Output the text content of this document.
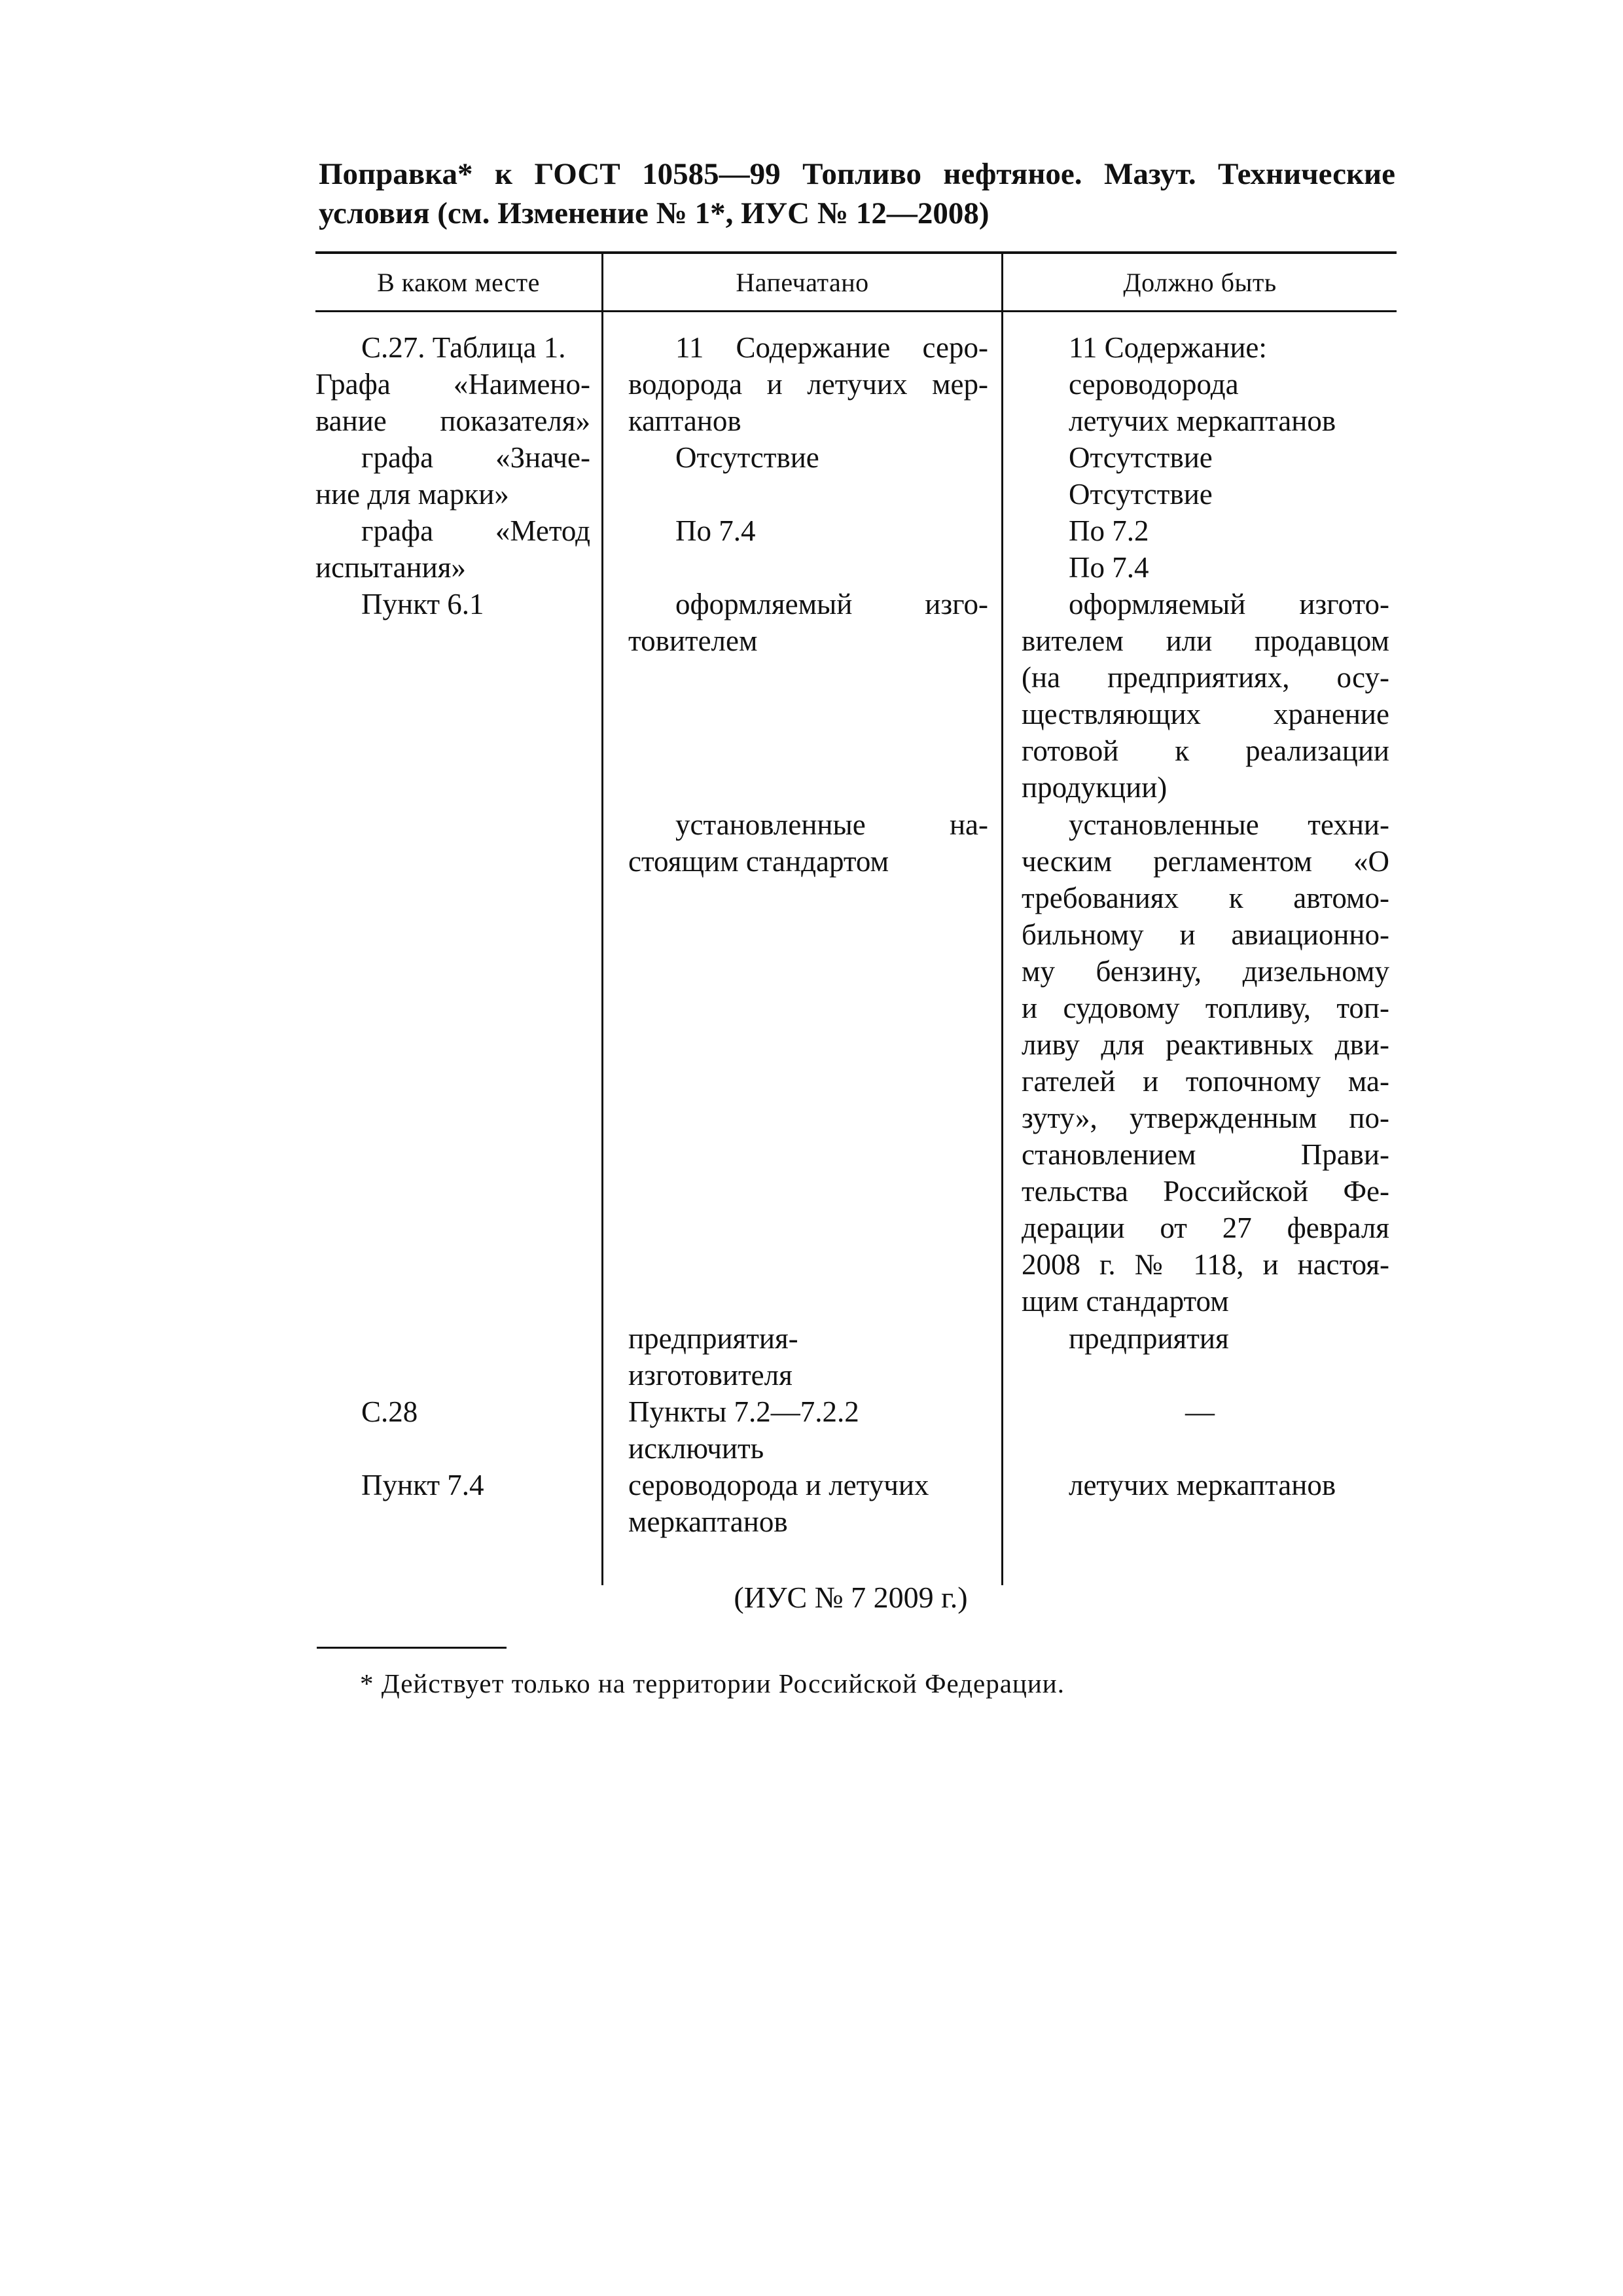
Поправка* к ГОСТ 10585—99 Топливо нефтяное. Мазут. Технические условия (см. Изменение № 1*, ИУС № 12—2008)

В каком месте	Напечатано	Должно быть
С.27. Таблица 1.
Графа «Наимено-
вание показателя»
графа «Значе-
ние для марки»
графа «Метод
испытания»
Пункт 6.1
С.28
Пункт 7.4
11 Содержание серо-
водорода и летучих мер-
каптанов
Отсутствие
По 7.4
оформляемый изго-
товителем
установленные на-
стоящим стандартом
предприятия-
изготовителя
Пункты 7.2—7.2.2
исключить
сероводорода и летучих
меркаптанов
11 Содержание:
сероводорода
летучих меркаптанов
Отсутствие
Отсутствие
По 7.2
По 7.4
оформляемый изгото-
вителем или продавцом
(на предприятиях, осу-
ществляющих хранение
готовой к реализации
продукции)
установленные техни-
ческим регламентом «О
требованиях к автомо-
бильному и авиационно-
му бензину, дизельному
и судовому топливу, топ-
ливу для реактивных дви-
гателей и топочному ма-
зуту», утвержденным по-
становлением Прави-
тельства Российской Фе-
дерации от 27 февраля
2008 г. № 118, и настоя-
щим стандартом
предприятия
—
летучих меркаптанов
(ИУС № 7 2009 г.)
* Действует только на территории Российской Федерации.
